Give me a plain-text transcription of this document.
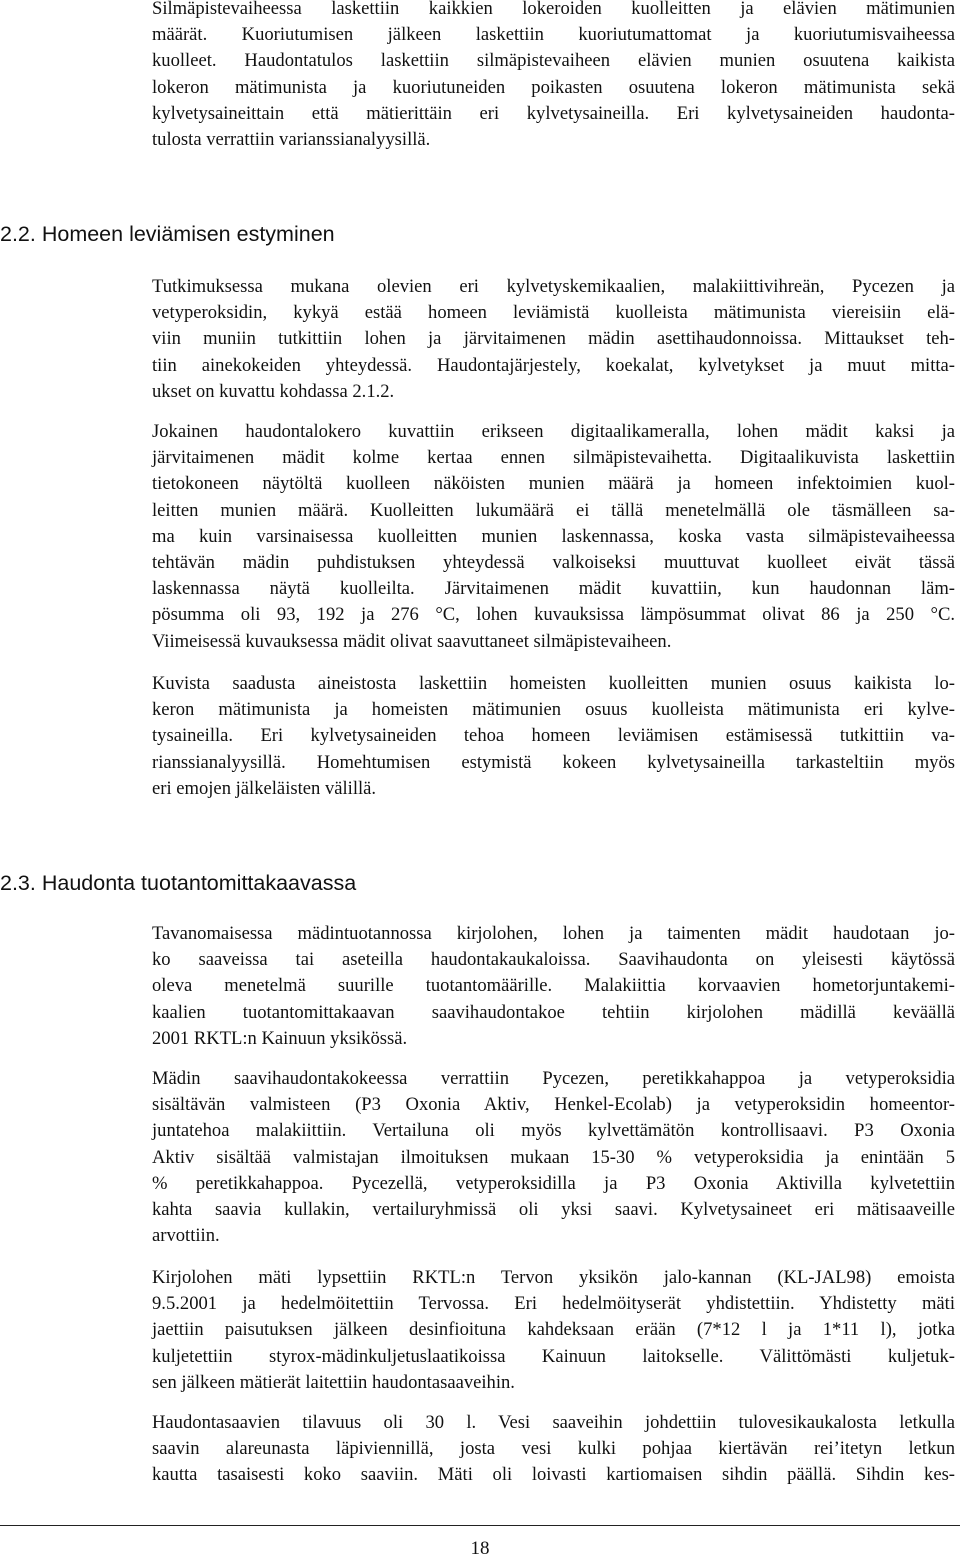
Silmäpistevaiheessa laskettiin kaikkien lokeroiden kuolleitten ja elävien mätimunien
määrät. Kuoriutumisen jälkeen laskettiin kuoriutumattomat ja kuoriutumisvaiheessa
kuolleet. Haudontatulos laskettiin silmäpistevaiheen elävien munien osuutena kaikista
lokeron mätimunista ja kuoriutuneiden poikasten osuutena lokeron mätimunista sekä
kylvetysaineittain että mätierittäin eri kylvetysaineilla. Eri kylvetysaineiden haudonta-
tulosta verrattiin varianssianalyysillä.
2.2. Homeen leviämisen estyminen
Tutkimuksessa mukana olevien eri kylvetyskemikaalien, malakiittivihreän, Pycezen ja
vetyperoksidin, kykyä estää homeen leviämistä kuolleista mätimunista viereisiin elä-
viin muniin tutkittiin lohen ja järvitaimenen mädin asettihaudonnoissa. Mittaukset teh-
tiin ainekokeiden yhteydessä. Haudontajärjestely, koekalat, kylvetykset ja muut mitta-
ukset on kuvattu kohdassa 2.1.2.
Jokainen haudontalokero kuvattiin erikseen digitaalikameralla, lohen mädit kaksi ja
järvitaimenen mädit kolme kertaa ennen silmäpistevaihetta. Digitaalikuvista laskettiin
tietokoneen näytöltä kuolleen näköisten munien määrä ja homeen infektoimien kuol-
leitten munien määrä. Kuolleitten lukumäärä ei tällä menetelmällä ole täsmälleen sa-
ma kuin varsinaisessa kuolleitten munien laskennassa, koska vasta silmäpistevaiheessa
tehtävän mädin puhdistuksen yhteydessä valkoiseksi muuttuvat kuolleet eivät tässä
laskennassa näytä kuolleilta. Järvitaimenen mädit kuvattiin, kun haudonnan läm-
pösumma oli 93, 192 ja 276 °C, lohen kuvauksissa lämpösummat olivat 86 ja 250 °C.
Viimeisessä kuvauksessa mädit olivat saavuttaneet silmäpistevaiheen.
Kuvista saadusta aineistosta laskettiin homeisten kuolleitten munien osuus kaikista lo-
keron mätimunista ja homeisten mätimunien osuus kuolleista mätimunista eri kylve-
tysaineilla. Eri kylvetysaineiden tehoa homeen leviämisen estämisessä tutkittiin va-
rianssianalyysillä. Homehtumisen estymistä kokeen kylvetysaineilla tarkasteltiin myös
eri emojen jälkeläisten välillä.
2.3. Haudonta tuotantomittakaavassa
Tavanomaisessa mädintuotannossa kirjolohen, lohen ja taimenten mädit haudotaan jo-
ko saaveissa tai aseteilla haudontakaukaloissa. Saavihaudonta on yleisesti käytössä
oleva menetelmä suurille tuotantomäärille. Malakiittia korvaavien hometorjuntakemi-
kaalien tuotantomittakaavan saavihaudontakoe tehtiin kirjolohen mädillä keväällä
2001 RKTL:n Kainuun yksikössä.
Mädin saavihaudontakokeessa verrattiin Pycezen, peretikkahappoa ja vetyperoksidia
sisältävän valmisteen (P3 Oxonia Aktiv, Henkel-Ecolab) ja vetyperoksidin homeentor-
juntatehoa malakiittiin. Vertailuna oli myös kylvettämätön kontrollisaavi. P3 Oxonia
Aktiv sisältää valmistajan ilmoituksen mukaan 15-30 % vetyperoksidia ja enintään 5
% peretikkahappoa. Pycezellä, vetyperoksidilla ja P3 Oxonia Aktivilla kylvetettiin
kahta saavia kullakin, vertailuryhmissä oli yksi saavi. Kylvetysaineet eri mätisaaveille
arvottiin.
Kirjolohen mäti lypsettiin RKTL:n Tervon yksikön jalo-kannan (KL-JAL98) emoista
9.5.2001 ja hedelmöitettiin Tervossa. Eri hedelmöityserät yhdistettiin. Yhdistetty mäti
jaettiin paisutuksen jälkeen desinfioituna kahdeksaan erään (7*12 l ja 1*11 l), jotka
kuljetettiin styrox-mädinkuljetuslaatikoissa Kainuun laitokselle. Välittömästi kuljetuk-
sen jälkeen mätierät laitettiin haudontasaaveihin.
Haudontasaavien tilavuus oli 30 l. Vesi saaveihin johdettiin tulovesikaukalosta letkulla
saavin alareunasta läpiviennillä, josta vesi kulki pohjaa kiertävän rei’itetyn letkun
kautta tasaisesti koko saaviin. Mäti oli loivasti kartiomaisen sihdin päällä. Sihdin kes-
18
